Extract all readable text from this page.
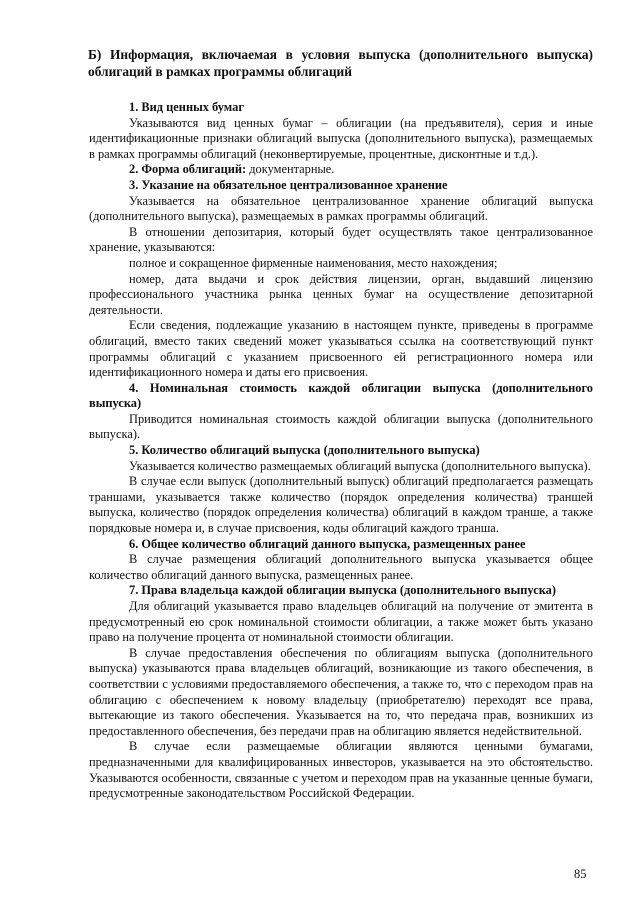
Б) Информация, включаемая в условия выпуска (дополнительного выпуска) облигаций в рамках программы облигаций

1. Вид ценных бумаг

Указываются вид ценных бумаг – облигации (на предъявителя), серия и иные идентификационные признаки облигаций выпуска (дополнительного выпуска), размещаемых в рамках программы облигаций (неконвертируемые, процентные, дисконтные и т.д.).

2. Форма облигаций: документарные.

3. Указание на обязательное централизованное хранение

Указывается на обязательное централизованное хранение облигаций выпуска (дополнительного выпуска), размещаемых в рамках программы облигаций.

В отношении депозитария, который будет осуществлять такое централизованное хранение, указываются:

полное и сокращенное фирменные наименования, место нахождения;

номер, дата выдачи и срок действия лицензии, орган, выдавший лицензию профессионального участника рынка ценных бумаг на осуществление депозитарной деятельности.

Если сведения, подлежащие указанию в настоящем пункте, приведены в программе облигаций, вместо таких сведений может указываться ссылка на соответствующий пункт программы облигаций с указанием присвоенного ей регистрационного номера или идентификационного номера и даты его присвоения.

4. Номинальная стоимость каждой облигации выпуска (дополнительного выпуска)

Приводится номинальная стоимость каждой облигации выпуска (дополнительного выпуска).

5. Количество облигаций выпуска (дополнительного выпуска)

Указывается количество размещаемых облигаций выпуска (дополнительного выпуска).

В случае если выпуск (дополнительный выпуск) облигаций предполагается размещать траншами, указывается также количество (порядок определения количества) траншей выпуска, количество (порядок определения количества) облигаций в каждом транше, а также порядковые номера и, в случае присвоения, коды облигаций каждого транша.

6. Общее количество облигаций данного выпуска, размещенных ранее

В случае размещения облигаций дополнительного выпуска указывается общее количество облигаций данного выпуска, размещенных ранее.

7. Права владельца каждой облигации выпуска (дополнительного выпуска)

Для облигаций указывается право владельцев облигаций на получение от эмитента в предусмотренный ею срок номинальной стоимости облигации, а также может быть указано право на получение процента от номинальной стоимости облигации.

В случае предоставления обеспечения по облигациям выпуска (дополнительного выпуска) указываются права владельцев облигаций, возникающие из такого обеспечения, в соответствии с условиями предоставляемого обеспечения, а также то, что с переходом прав на облигацию с обеспечением к новому владельцу (приобретателю) переходят все права, вытекающие из такого обеспечения. Указывается на то, что передача прав, возникших из предоставленного обеспечения, без передачи прав на облигацию является недействительной.

В случае если размещаемые облигации являются ценными бумагами, предназначенными для квалифицированных инвесторов, указывается на это обстоятельство. Указываются особенности, связанные с учетом и переходом прав на указанные ценные бумаги, предусмотренные законодательством Российской Федерации.

85
